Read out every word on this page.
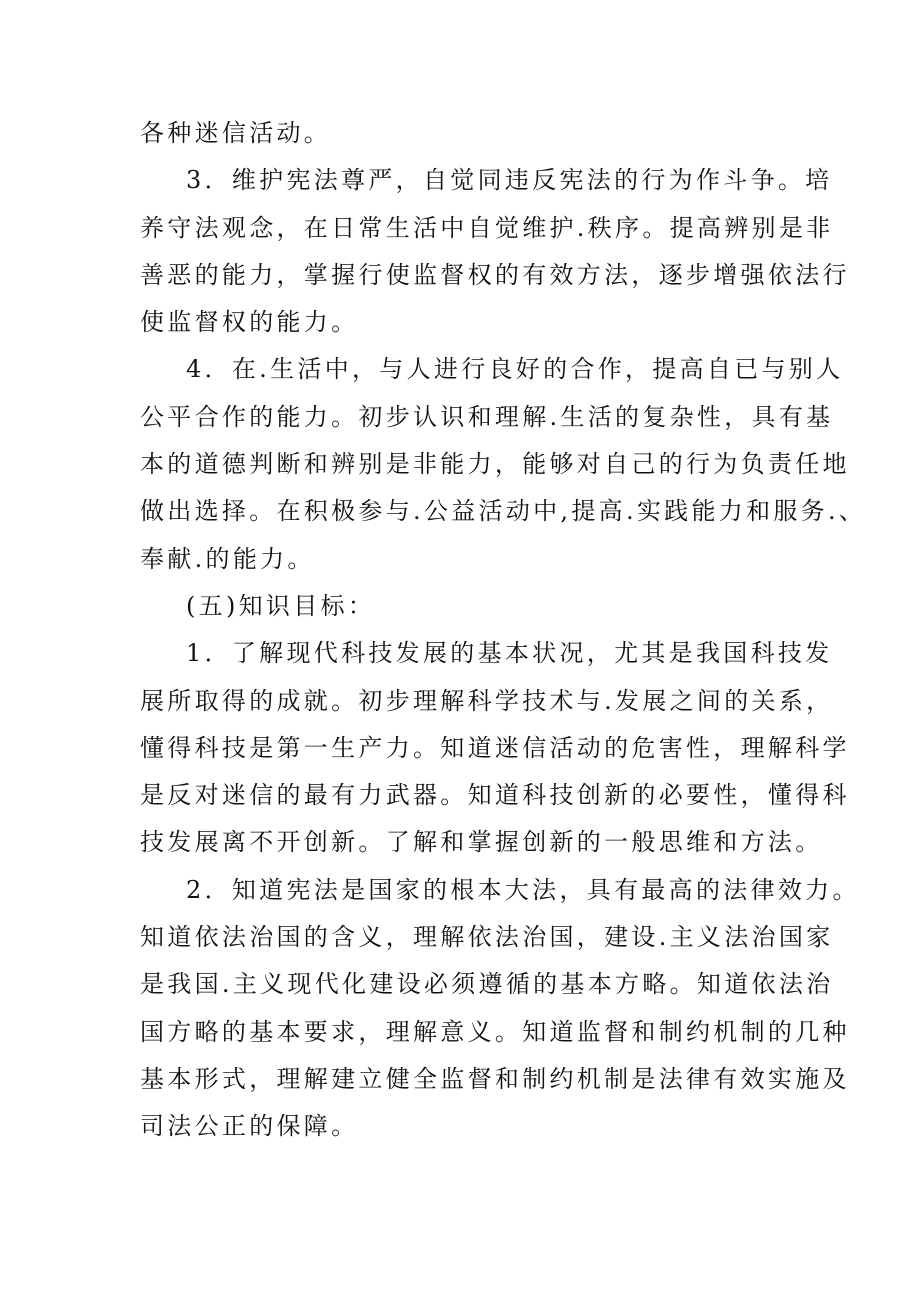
各种迷信活动。
3．维护宪法尊严，自觉同违反宪法的行为作斗争。培
养守法观念，在日常生活中自觉维护.秩序。提高辨别是非
善恶的能力，掌握行使监督权的有效方法，逐步增强依法行
使监督权的能力。
4．在.生活中，与人进行良好的合作，提高自已与别人
公平合作的能力。初步认识和理解.生活的复杂性，具有基
本的道德判断和辨别是非能力，能够对自己的行为负责任地
做出选择。在积极参与.公益活动中,提高.实践能力和服务.、
奉献.的能力。
(五)知识目标：
1．了解现代科技发展的基本状况，尤其是我国科技发
展所取得的成就。初步理解科学技术与.发展之间的关系，
懂得科技是第一生产力。知道迷信活动的危害性，理解科学
是反对迷信的最有力武器。知道科技创新的必要性，懂得科
技发展离不开创新。了解和掌握创新的一般思维和方法。
2．知道宪法是国家的根本大法，具有最高的法律效力。
知道依法治国的含义，理解依法治国，建设.主义法治国家
是我国.主义现代化建设必须遵循的基本方略。知道依法治
国方略的基本要求，理解意义。知道监督和制约机制的几种
基本形式，理解建立健全监督和制约机制是法律有效实施及
司法公正的保障。
